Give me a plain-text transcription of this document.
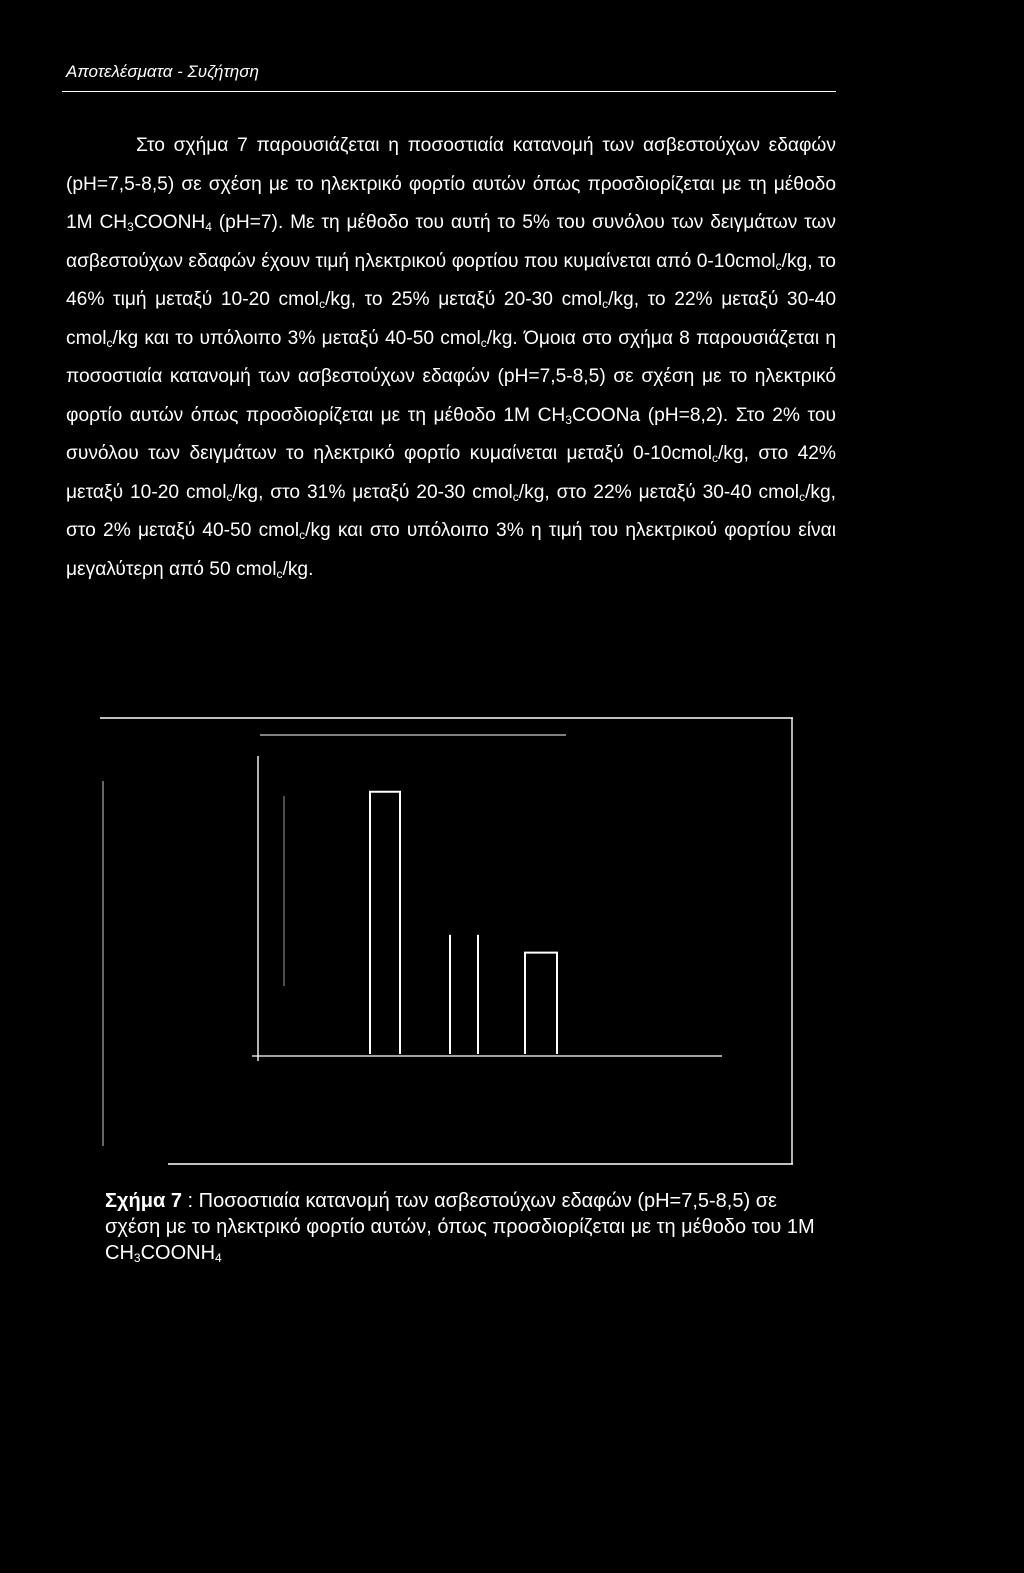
Αποτελέσματα - Συζήτηση

Στο σχήμα 7 παρουσιάζεται η ποσοστιαία κατανομή των ασβεστούχων εδαφών (pH=7,5-8,5) σε σχέση με το ηλεκτρικό φορτίο αυτών όπως προσδιορίζεται με τη μέθοδο 1M $CH_3COONH_4$ (pH=7). Με τη μέθοδο του αυτή το 5% του συνόλου των δειγμάτων των ασβεστούχων εδαφών έχουν τιμή ηλεκτρικού φορτίου που κυμαίνεται από 0-10cmol$_c$/kg, το 46% τιμή μεταξύ 10-20 cmol$_c$/kg, το 25% μεταξύ 20-30 cmol$_c$/kg, το 22% μεταξύ 30-40 cmol$_c$/kg και το υπόλοιπο 3% μεταξύ 40-50 cmol$_c$/kg. Όμοια στο σχήμα 8 παρουσιάζεται η ποσοστιαία κατανομή των ασβεστούχων εδαφών (pH=7,5-8,5) σε σχέση με το ηλεκτρικό φορτίο αυτών όπως προσδιορίζεται με τη μέθοδο 1M $CH_3COONa$ (pH=8,2). Στο 2% του συνόλου των δειγμάτων το ηλεκτρικό φορτίο κυμαίνεται μεταξύ 0-10cmol$_c$/kg, στο 42% μεταξύ 10-20 cmol$_c$/kg, στο 31% μεταξύ 20-30 cmol$_c$/kg, στο 22% μεταξύ 30-40 cmol$_c$/kg, στο 2% μεταξύ 40-50 cmol$_c$/kg και στο υπόλοιπο 3% η τιμή του ηλεκτρικού φορτίου είναι μεγαλύτερη από 50 cmol$_c$/kg.

Σχήμα 7 : Ποσοστιαία κατανομή των ασβεστούχων εδαφών (pH=7,5-8,5) σε σχέση με το ηλεκτρικό φορτίο αυτών, όπως προσδιορίζεται με τη μέθοδο του 1M $CH_3COONH_4$
